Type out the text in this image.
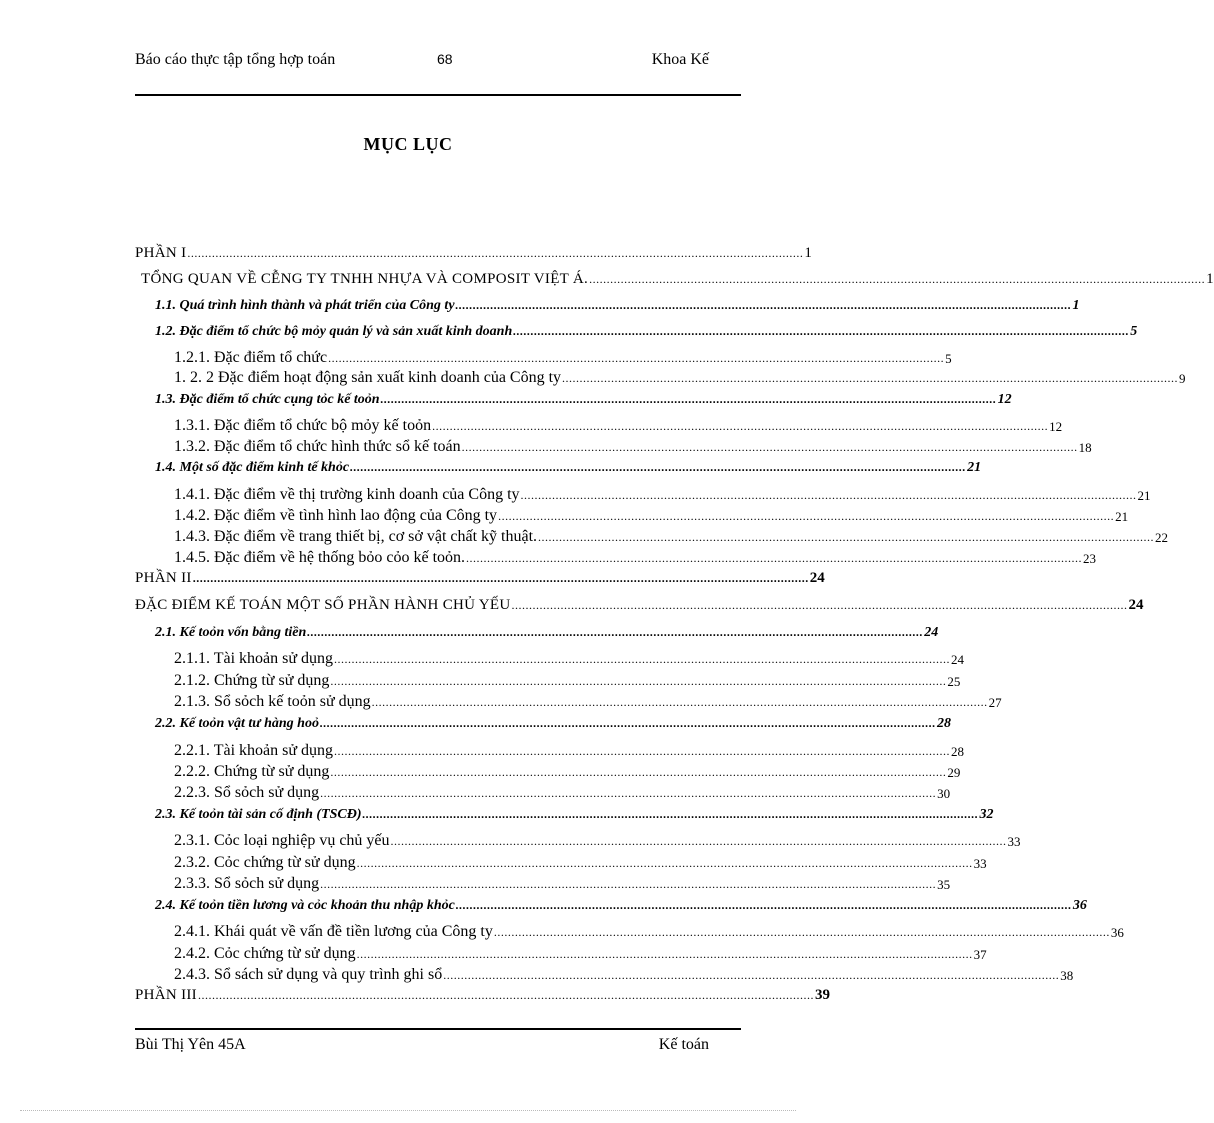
Báo cáo thực tập tổng hợp toán	68	Khoa Kế
MỤC LỤC
PHẦN I ................................................................................................................................................................................ 1
TỔNG QUAN VỀ CỄNG TY TNHH NHỰA VÀ COMPOSIT VIỆT Á. ................................................................................................................................................................................ 1
1.1. Quá trình hình thành và phát triển của Công ty ................................................................................................................................................................................ 1
1.2. Đặc điểm tổ chức bộ mỏy quản lý và sản xuất kinh doanh ................................................................................................................................................................................ 5
1.2.1. Đặc điểm tổ chức ................................................................................................................................................................................ 5
1. 2. 2 Đặc điểm hoạt động sản xuất kinh doanh của Công ty ................................................................................................................................................................................ 9
1.3. Đặc điểm tổ chức cụng tỏc kế toỏn ................................................................................................................................................................................ 12
1.3.1. Đặc điểm tổ chức bộ mỏy kế toỏn ................................................................................................................................................................................ 12
1.3.2. Đặc điểm tổ chức hình thức sổ kế toán ................................................................................................................................................................................ 18
1.4. Một số đặc điểm kinh tế khỏc ................................................................................................................................................................................ 21
1.4.1. Đặc điểm về thị trường kinh doanh của Công ty ................................................................................................................................................................................ 21
1.4.2. Đặc điểm về tình hình lao động của Công ty ................................................................................................................................................................................ 21
1.4.3. Đặc điểm về trang thiết bị, cơ sở vật chất kỹ thuật. ................................................................................................................................................................................ 22
1.4.5. Đặc điểm về hệ thống bỏo cỏo kế toỏn. ................................................................................................................................................................................ 23
PHẦN II ................................................................................................................................................................................ 24
ĐẶC ĐIỂM KẾ TOÁN MỘT SỐ PHẦN HÀNH CHỦ YẾU ................................................................................................................................................................................ 24
2.1. Kế toỏn vốn bằng tiền ................................................................................................................................................................................ 24
2.1.1. Tài khoản sử dụng ................................................................................................................................................................................ 24
2.1.2. Chứng từ sử dụng ................................................................................................................................................................................ 25
2.1.3. Sổ sỏch kế toỏn sử dụng ................................................................................................................................................................................ 27
2.2. Kế toỏn vật tư hàng hoỏ ................................................................................................................................................................................ 28
2.2.1. Tài khoản sử dụng ................................................................................................................................................................................ 28
2.2.2. Chứng từ sử dụng ................................................................................................................................................................................ 29
2.2.3. Sổ sỏch sử dụng ................................................................................................................................................................................ 30
2.3. Kế toỏn tài sản cố định (TSCĐ) ................................................................................................................................................................................ 32
2.3.1. Cỏc loại nghiệp vụ chủ yếu ................................................................................................................................................................................ 33
2.3.2. Cỏc chứng từ sử dụng ................................................................................................................................................................................ 33
2.3.3. Sổ sỏch sử dụng ................................................................................................................................................................................ 35
2.4. Kế toỏn tiền lương và cỏc khoản thu nhập khỏc ................................................................................................................................................................................ 36
2.4.1. Khái quát về vấn đề tiền lương của Công ty ................................................................................................................................................................................ 36
2.4.2. Cỏc chứng từ sử dụng ................................................................................................................................................................................ 37
2.4.3. Sổ sách sử dụng và quy trình ghi sổ ................................................................................................................................................................................ 38
PHẦN III ................................................................................................................................................................................ 39
Bùi Thị Yên 45A	Kế toán
